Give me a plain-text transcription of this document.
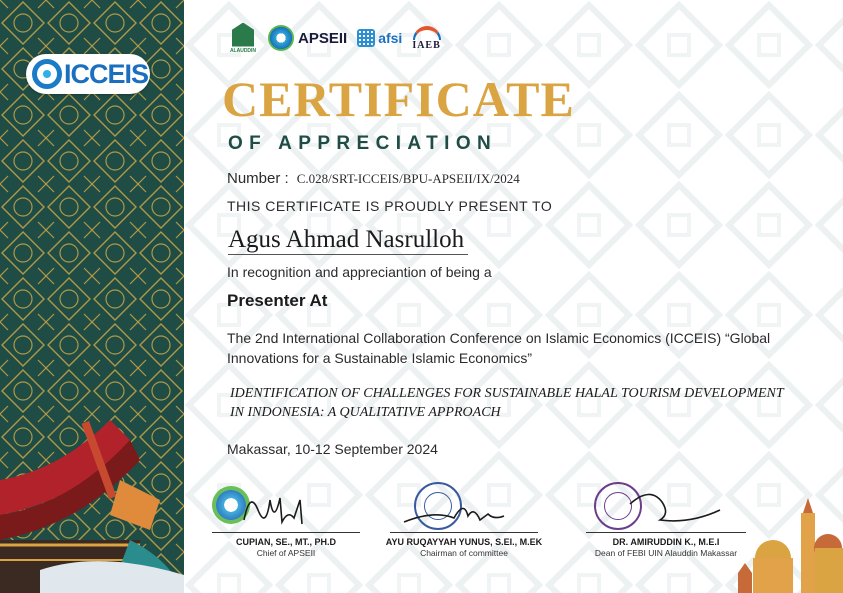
ICCEIS
ALAUDDIN
APSEII afsi IAEB
CERTIFICATE
OF APPRECIATION
Number : C.028/SRT-ICCEIS/BPU-APSEII/IX/2024
THIS CERTIFICATE IS PROUDLY PRESENT TO
Agus Ahmad Nasrulloh
In recognition and appreciantion of being a
Presenter At
The 2nd International Collaboration Conference on Islamic Economics (ICCEIS) “Global Innovations for a Sustainable Islamic Economics”
IDENTIFICATION OF CHALLENGES FOR SUSTAINABLE HALAL TOURISM DEVELOPMENT IN INDONESIA: A QUALITATIVE APPROACH
Makassar, 10-12 September 2024
CUPIAN, SE., MT., PH.D
Chief of APSEII
AYU RUQAYYAH YUNUS, S.EI., M.EK
Chairman of committee
DR. AMIRUDDIN K., M.E.I
Dean of FEBI UIN Alauddin Makassar
